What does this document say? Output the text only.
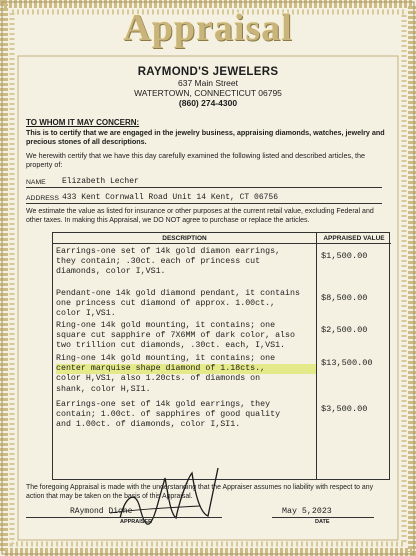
Appraisal
RAYMOND'S JEWELERS
637 Main Street
WATERTOWN, CONNECTICUT 06795
(860) 274-4300
TO WHOM IT MAY CONCERN:
This is to certify that we are engaged in the jewelry business, appraising diamonds, watches, jewelry and precious stones of all descriptions.
We herewith certify that we have this day carefully examined the following listed and described articles, the property of:
NAME Elizabeth Lecher
ADDRESS 433 Kent Cornwall Road Unit 14 Kent, CT 06756
We estimate the value as listed for insurance or other purposes at the current retail value, excluding Federal and other taxes. In making this Appraisal, we DO NOT agree to purchase or replace the articles.
DESCRIPTION	APPRAISED VALUE
Earrings-one set of 14k gold diamon earrings,
they contain; .30ct. each of princess cut
diamonds, color I,VS1.
$1,500.00
Pendant-one 14k gold diamond pendant, it contains
one princess cut diamond of approx. 1.00ct.,
color I,VS1.
$8,500.00
Ring-one 14k gold mounting, it contains; one
square cut sapphire of 7X6MM of dark color, also
two trillion cut diamonds, .30ct. each, I,VS1.
$2,500.00
Ring-one 14k gold mounting, it contains; one
center marquise shape diamond of 1.18cts.,
color H,VS1, also 1.20cts. of diamonds on
shank, color H,SI1.
$13,500.00
Earrings-one set of 14k gold earrings, they
contain; 1.00ct. of sapphires of good quality
and 1.00ct. of diamonds, color I,SI1.
$3,500.00
The foregoing Appraisal is made with the understanding that the Appraiser assumes no liability with respect to any action that may be taken on the basis of this Appraisal.
RAymond Diche
APPRAISER
May 5,2023
DATE
